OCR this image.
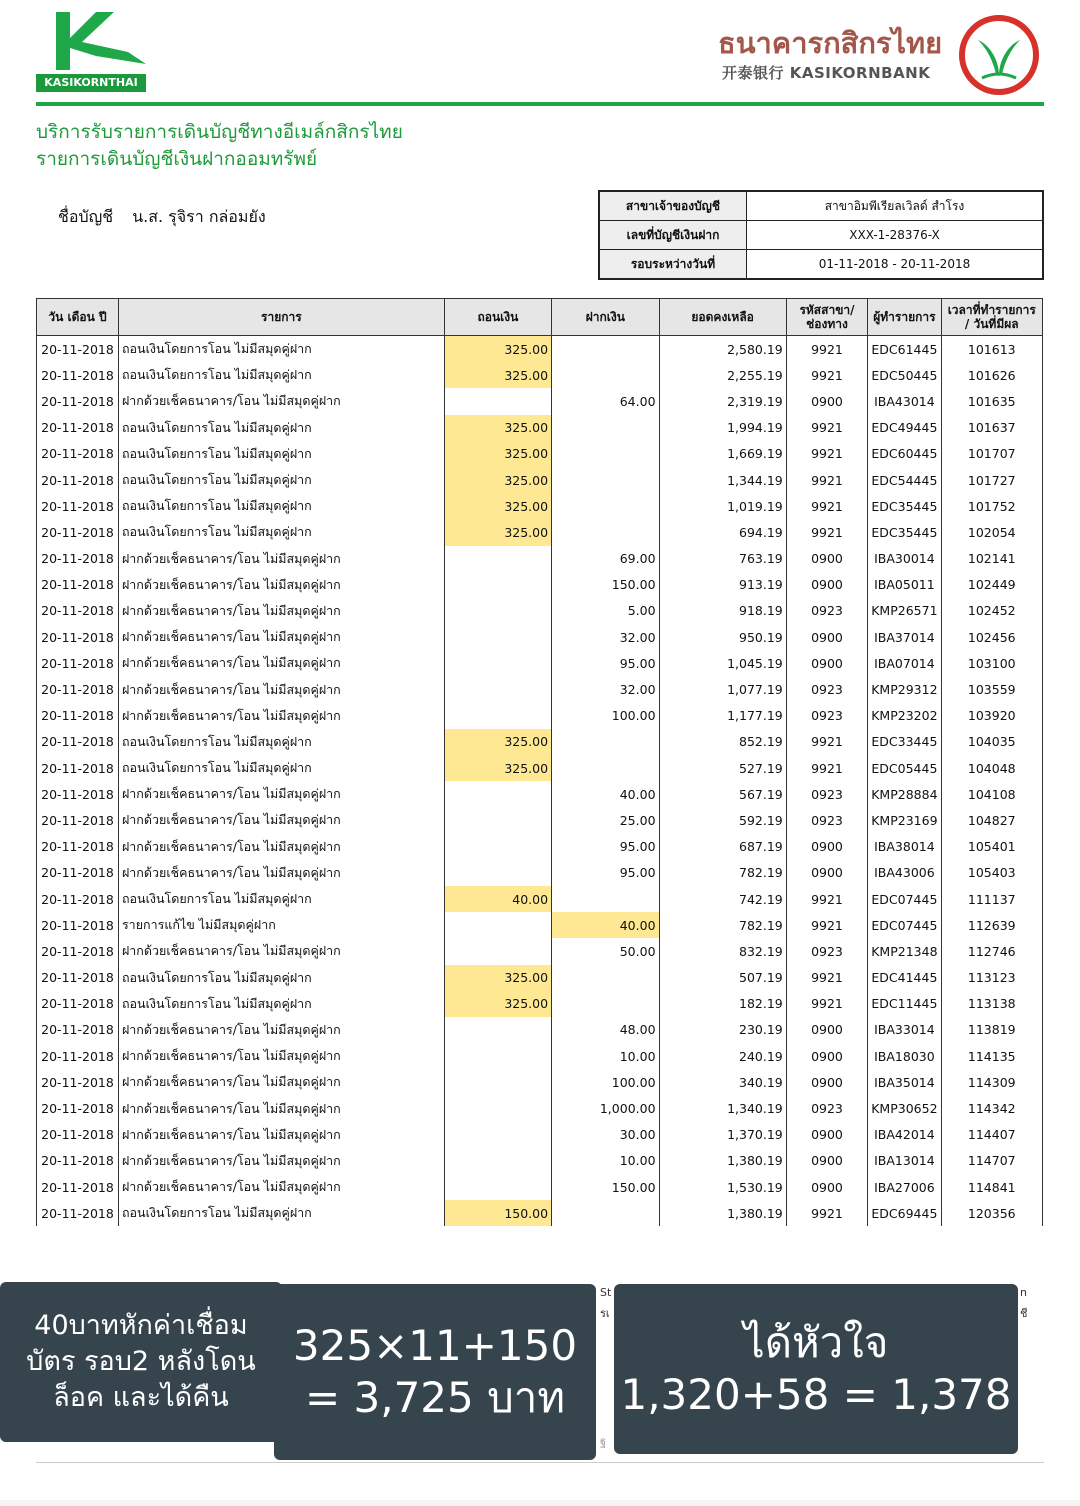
KASIKORNTHAI
ธนาคารกสิกรไทย
开泰银行 KASIKORNBANK
บริการรับรายการเดินบัญชีทางอีเมล์กสิกรไทย
รายการเดินบัญชีเงินฝากออมทรัพย์
ชื่อบัญชี น.ส. รุจิรา กล่อมยัง
สาขาเจ้าของบัญชี	สาขาอิมพีเรียลเวิลด์ สำโรง
เลขที่บัญชีเงินฝาก	XXX-1-28376-X
รอบระหว่างวันที่	01-11-2018 - 20-11-2018
วัน เดือน ปี	รายการ	ถอนเงิน	ฝากเงิน	ยอดคงเหลือ	รหัสสาขา/ ช่องทาง	ผู้ทำรายการ	เวลาที่ทำรายการ / วันที่มีผล
20-11-2018	ถอนเงินโดยการโอน ไม่มีสมุดคู่ฝาก	325.00		2,580.19	9921	EDC61445	101613
20-11-2018	ถอนเงินโดยการโอน ไม่มีสมุดคู่ฝาก	325.00		2,255.19	9921	EDC50445	101626
20-11-2018	ฝากด้วยเช็คธนาคาร/โอน ไม่มีสมุดคู่ฝาก		64.00	2,319.19	0900	IBA43014	101635
20-11-2018	ถอนเงินโดยการโอน ไม่มีสมุดคู่ฝาก	325.00		1,994.19	9921	EDC49445	101637
20-11-2018	ถอนเงินโดยการโอน ไม่มีสมุดคู่ฝาก	325.00		1,669.19	9921	EDC60445	101707
20-11-2018	ถอนเงินโดยการโอน ไม่มีสมุดคู่ฝาก	325.00		1,344.19	9921	EDC54445	101727
20-11-2018	ถอนเงินโดยการโอน ไม่มีสมุดคู่ฝาก	325.00		1,019.19	9921	EDC35445	101752
20-11-2018	ถอนเงินโดยการโอน ไม่มีสมุดคู่ฝาก	325.00		694.19	9921	EDC35445	102054
20-11-2018	ฝากด้วยเช็คธนาคาร/โอน ไม่มีสมุดคู่ฝาก		69.00	763.19	0900	IBA30014	102141
20-11-2018	ฝากด้วยเช็คธนาคาร/โอน ไม่มีสมุดคู่ฝาก		150.00	913.19	0900	IBA05011	102449
20-11-2018	ฝากด้วยเช็คธนาคาร/โอน ไม่มีสมุดคู่ฝาก		5.00	918.19	0923	KMP26571	102452
20-11-2018	ฝากด้วยเช็คธนาคาร/โอน ไม่มีสมุดคู่ฝาก		32.00	950.19	0900	IBA37014	102456
20-11-2018	ฝากด้วยเช็คธนาคาร/โอน ไม่มีสมุดคู่ฝาก		95.00	1,045.19	0900	IBA07014	103100
20-11-2018	ฝากด้วยเช็คธนาคาร/โอน ไม่มีสมุดคู่ฝาก		32.00	1,077.19	0923	KMP29312	103559
20-11-2018	ฝากด้วยเช็คธนาคาร/โอน ไม่มีสมุดคู่ฝาก		100.00	1,177.19	0923	KMP23202	103920
20-11-2018	ถอนเงินโดยการโอน ไม่มีสมุดคู่ฝาก	325.00		852.19	9921	EDC33445	104035
20-11-2018	ถอนเงินโดยการโอน ไม่มีสมุดคู่ฝาก	325.00		527.19	9921	EDC05445	104048
20-11-2018	ฝากด้วยเช็คธนาคาร/โอน ไม่มีสมุดคู่ฝาก		40.00	567.19	0923	KMP28884	104108
20-11-2018	ฝากด้วยเช็คธนาคาร/โอน ไม่มีสมุดคู่ฝาก		25.00	592.19	0923	KMP23169	104827
20-11-2018	ฝากด้วยเช็คธนาคาร/โอน ไม่มีสมุดคู่ฝาก		95.00	687.19	0900	IBA38014	105401
20-11-2018	ฝากด้วยเช็คธนาคาร/โอน ไม่มีสมุดคู่ฝาก		95.00	782.19	0900	IBA43006	105403
20-11-2018	ถอนเงินโดยการโอน ไม่มีสมุดคู่ฝาก	40.00		742.19	9921	EDC07445	111137
20-11-2018	รายการแก้ไข ไม่มีสมุดคู่ฝาก		40.00	782.19	9921	EDC07445	112639
20-11-2018	ฝากด้วยเช็คธนาคาร/โอน ไม่มีสมุดคู่ฝาก		50.00	832.19	0923	KMP21348	112746
20-11-2018	ถอนเงินโดยการโอน ไม่มีสมุดคู่ฝาก	325.00		507.19	9921	EDC41445	113123
20-11-2018	ถอนเงินโดยการโอน ไม่มีสมุดคู่ฝาก	325.00		182.19	9921	EDC11445	113138
20-11-2018	ฝากด้วยเช็คธนาคาร/โอน ไม่มีสมุดคู่ฝาก		48.00	230.19	0900	IBA33014	113819
20-11-2018	ฝากด้วยเช็คธนาคาร/โอน ไม่มีสมุดคู่ฝาก		10.00	240.19	0900	IBA18030	114135
20-11-2018	ฝากด้วยเช็คธนาคาร/โอน ไม่มีสมุดคู่ฝาก		100.00	340.19	0900	IBA35014	114309
20-11-2018	ฝากด้วยเช็คธนาคาร/โอน ไม่มีสมุดคู่ฝาก		1,000.00	1,340.19	0923	KMP30652	114342
20-11-2018	ฝากด้วยเช็คธนาคาร/โอน ไม่มีสมุดคู่ฝาก		30.00	1,370.19	0900	IBA42014	114407
20-11-2018	ฝากด้วยเช็คธนาคาร/โอน ไม่มีสมุดคู่ฝาก		10.00	1,380.19	0900	IBA13014	114707
20-11-2018	ฝากด้วยเช็คธนาคาร/โอน ไม่มีสมุดคู่ฝาก		150.00	1,530.19	0900	IBA27006	114841
20-11-2018	ถอนเงินโดยการโอน ไม่มีสมุดคู่ฝาก	150.00		1,380.19	9921	EDC69445	120356
St
รเ
n
ชี
ฐ
40บาทหักค่าเชื่อม บัตร รอบ2 หลังโดน ล็อค และได้คืน
325×11+150
= 3,725 บาท
ได้หัวใจ
1,320+58 = 1,378
